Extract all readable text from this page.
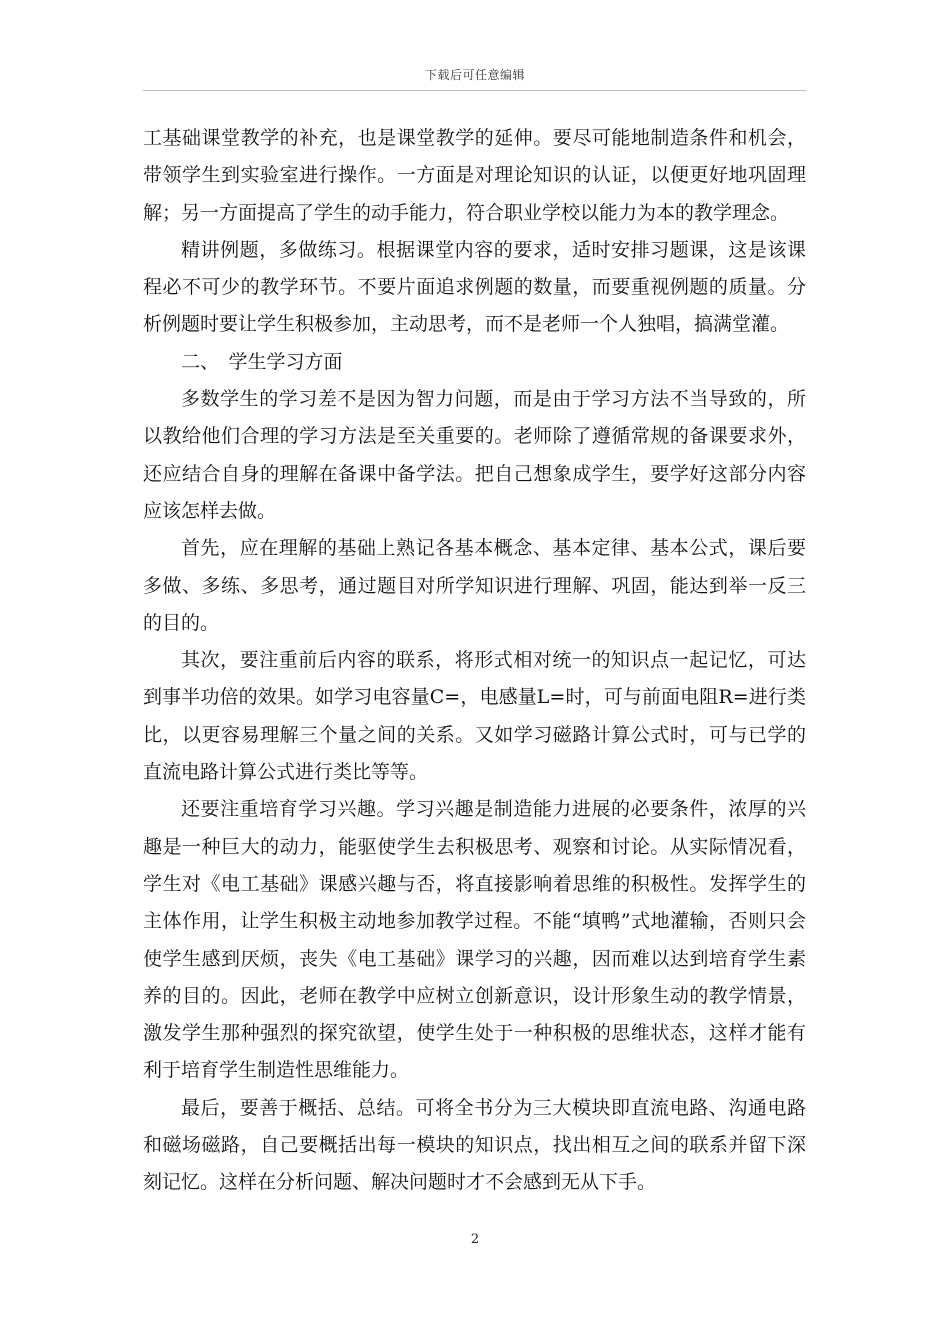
下载后可任意编辑

工基础课堂教学的补充，也是课堂教学的延伸。要尽可能地制造条件和机会，带领学生到实验室进行操作。一方面是对理论知识的认证，以便更好地巩固理解；另一方面提高了学生的动手能力，符合职业学校以能力为本的教学理念。

精讲例题，多做练习。根据课堂内容的要求，适时安排习题课，这是该课程必不可少的教学环节。不要片面追求例题的数量，而要重视例题的质量。分析例题时要让学生积极参加，主动思考，而不是老师一个人独唱，搞满堂灌。

二、　学生学习方面

多数学生的学习差不是因为智力问题，而是由于学习方法不当导致的，所以教给他们合理的学习方法是至关重要的。老师除了遵循常规的备课要求外，还应结合自身的理解在备课中备学法。把自己想象成学生，要学好这部分内容应该怎样去做。

首先，应在理解的基础上熟记各基本概念、基本定律、基本公式，课后要多做、多练、多思考，通过题目对所学知识进行理解、巩固，能达到举一反三的目的。

其次，要注重前后内容的联系，将形式相对统一的知识点一起记忆，可达到事半功倍的效果。如学习电容量C=，电感量L=时，可与前面电阻R=进行类比，以更容易理解三个量之间的关系。又如学习磁路计算公式时，可与已学的直流电路计算公式进行类比等等。

还要注重培育学习兴趣。学习兴趣是制造能力进展的必要条件，浓厚的兴趣是一种巨大的动力，能驱使学生去积极思考、观察和讨论。从实际情况看，学生对《电工基础》课感兴趣与否，将直接影响着思维的积极性。发挥学生的主体作用，让学生积极主动地参加教学过程。不能“填鸭”式地灌输，否则只会使学生感到厌烦，丧失《电工基础》课学习的兴趣，因而难以达到培育学生素养的目的。因此，老师在教学中应树立创新意识，设计形象生动的教学情景，激发学生那种强烈的探究欲望，使学生处于一种积极的思维状态，这样才能有利于培育学生制造性思维能力。

最后，要善于概括、总结。可将全书分为三大模块即直流电路、沟通电路和磁场磁路，自己要概括出每一模块的知识点，找出相互之间的联系并留下深刻记忆。这样在分析问题、解决问题时才不会感到无从下手。

2
